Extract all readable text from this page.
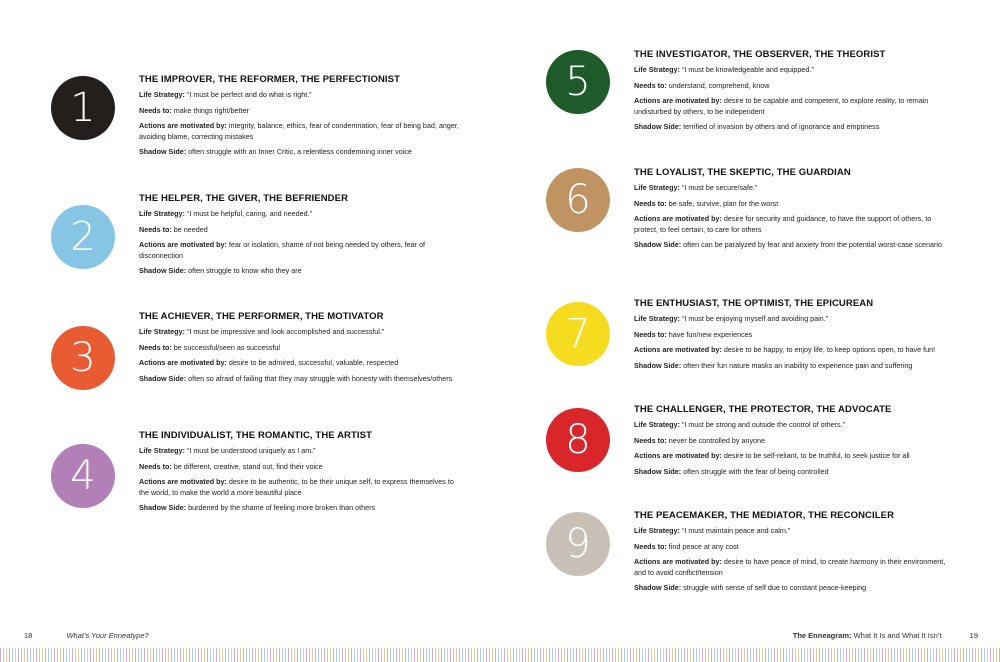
1
THE IMPROVER, THE REFORMER, THE PERFECTIONIST
Life Strategy: “I must be perfect and do what is right.”
Needs to: make things right/better
Actions are motivated by: integrity, balance, ethics, fear of condemnation, fear of being bad, anger, avoiding blame, correcting mistakes
Shadow Side: often struggle with an Inner Critic, a relentless condemning inner voice
2
THE HELPER, THE GIVER, THE BEFRIENDER
Life Strategy: “I must be helpful, caring, and needed.”
Needs to: be needed
Actions are motivated by: fear or isolation, shame of not being needed by others, fear of disconnection
Shadow Side: often struggle to know who they are
3
THE ACHIEVER, THE PERFORMER, THE MOTIVATOR
Life Strategy: “I must be impressive and look accomplished and successful.”
Needs to: be successful/seen as successful
Actions are motivated by: desire to be admired, successful, valuable, respected
Shadow Side: often so afraid of failing that they may struggle with honesty with themselves/others
4
THE INDIVIDUALIST, THE ROMANTIC, THE ARTIST
Life Strategy: “I must be understood uniquely as I am.”
Needs to: be different, creative, stand out, find their voice
Actions are motivated by: desire to be authentic, to be their unique self, to express themselves to the world, to make the world a more beautiful place
Shadow Side: burdened by the shame of feeling more broken than others
5
THE INVESTIGATOR, THE OBSERVER, THE THEORIST
Life Strategy: “I must be knowledgeable and equipped.”
Needs to: understand, comprehend, know
Actions are motivated by: desire to be capable and competent, to explore reality, to remain undisturbed by others, to be independent
Shadow Side: terrified of invasion by others and of ignorance and emptiness
6
THE LOYALIST, THE SKEPTIC, THE GUARDIAN
Life Strategy: “I must be secure/safe.”
Needs to: be safe, survive, plan for the worst
Actions are motivated by: desire for security and guidance, to have the support of others, to protect, to feel certain, to care for others
Shadow Side: often can be paralyzed by fear and anxiety from the potential worst-case scenario
7
THE ENTHUSIAST, THE OPTIMIST, THE EPICUREAN
Life Strategy: “I must be enjoying myself and avoiding pain.”
Needs to: have fun/new experiences
Actions are motivated by: desire to be happy, to enjoy life, to keep options open, to have fun!
Shadow Side: often their fun nature masks an inability to experience pain and suffering
8
THE CHALLENGER, THE PROTECTOR, THE ADVOCATE
Life Strategy: “I must be strong and outside the control of others.”
Needs to: never be controlled by anyone
Actions are motivated by: desire to be self-reliant, to be truthful, to seek justice for all
Shadow Side: often struggle with the fear of being controlled
9
THE PEACEMAKER, THE MEDIATOR, THE RECONCILER
Life Strategy: “I must maintain peace and calm.”
Needs to: find peace at any cost
Actions are motivated by: desire to have peace of mind, to create harmony in their environment, and to avoid conflict/tension
Shadow Side: struggle with sense of self due to constant peace-keeping
18	What’s Your Enneatype?	The Enneagram: What It Is and What It Isn’t	19
